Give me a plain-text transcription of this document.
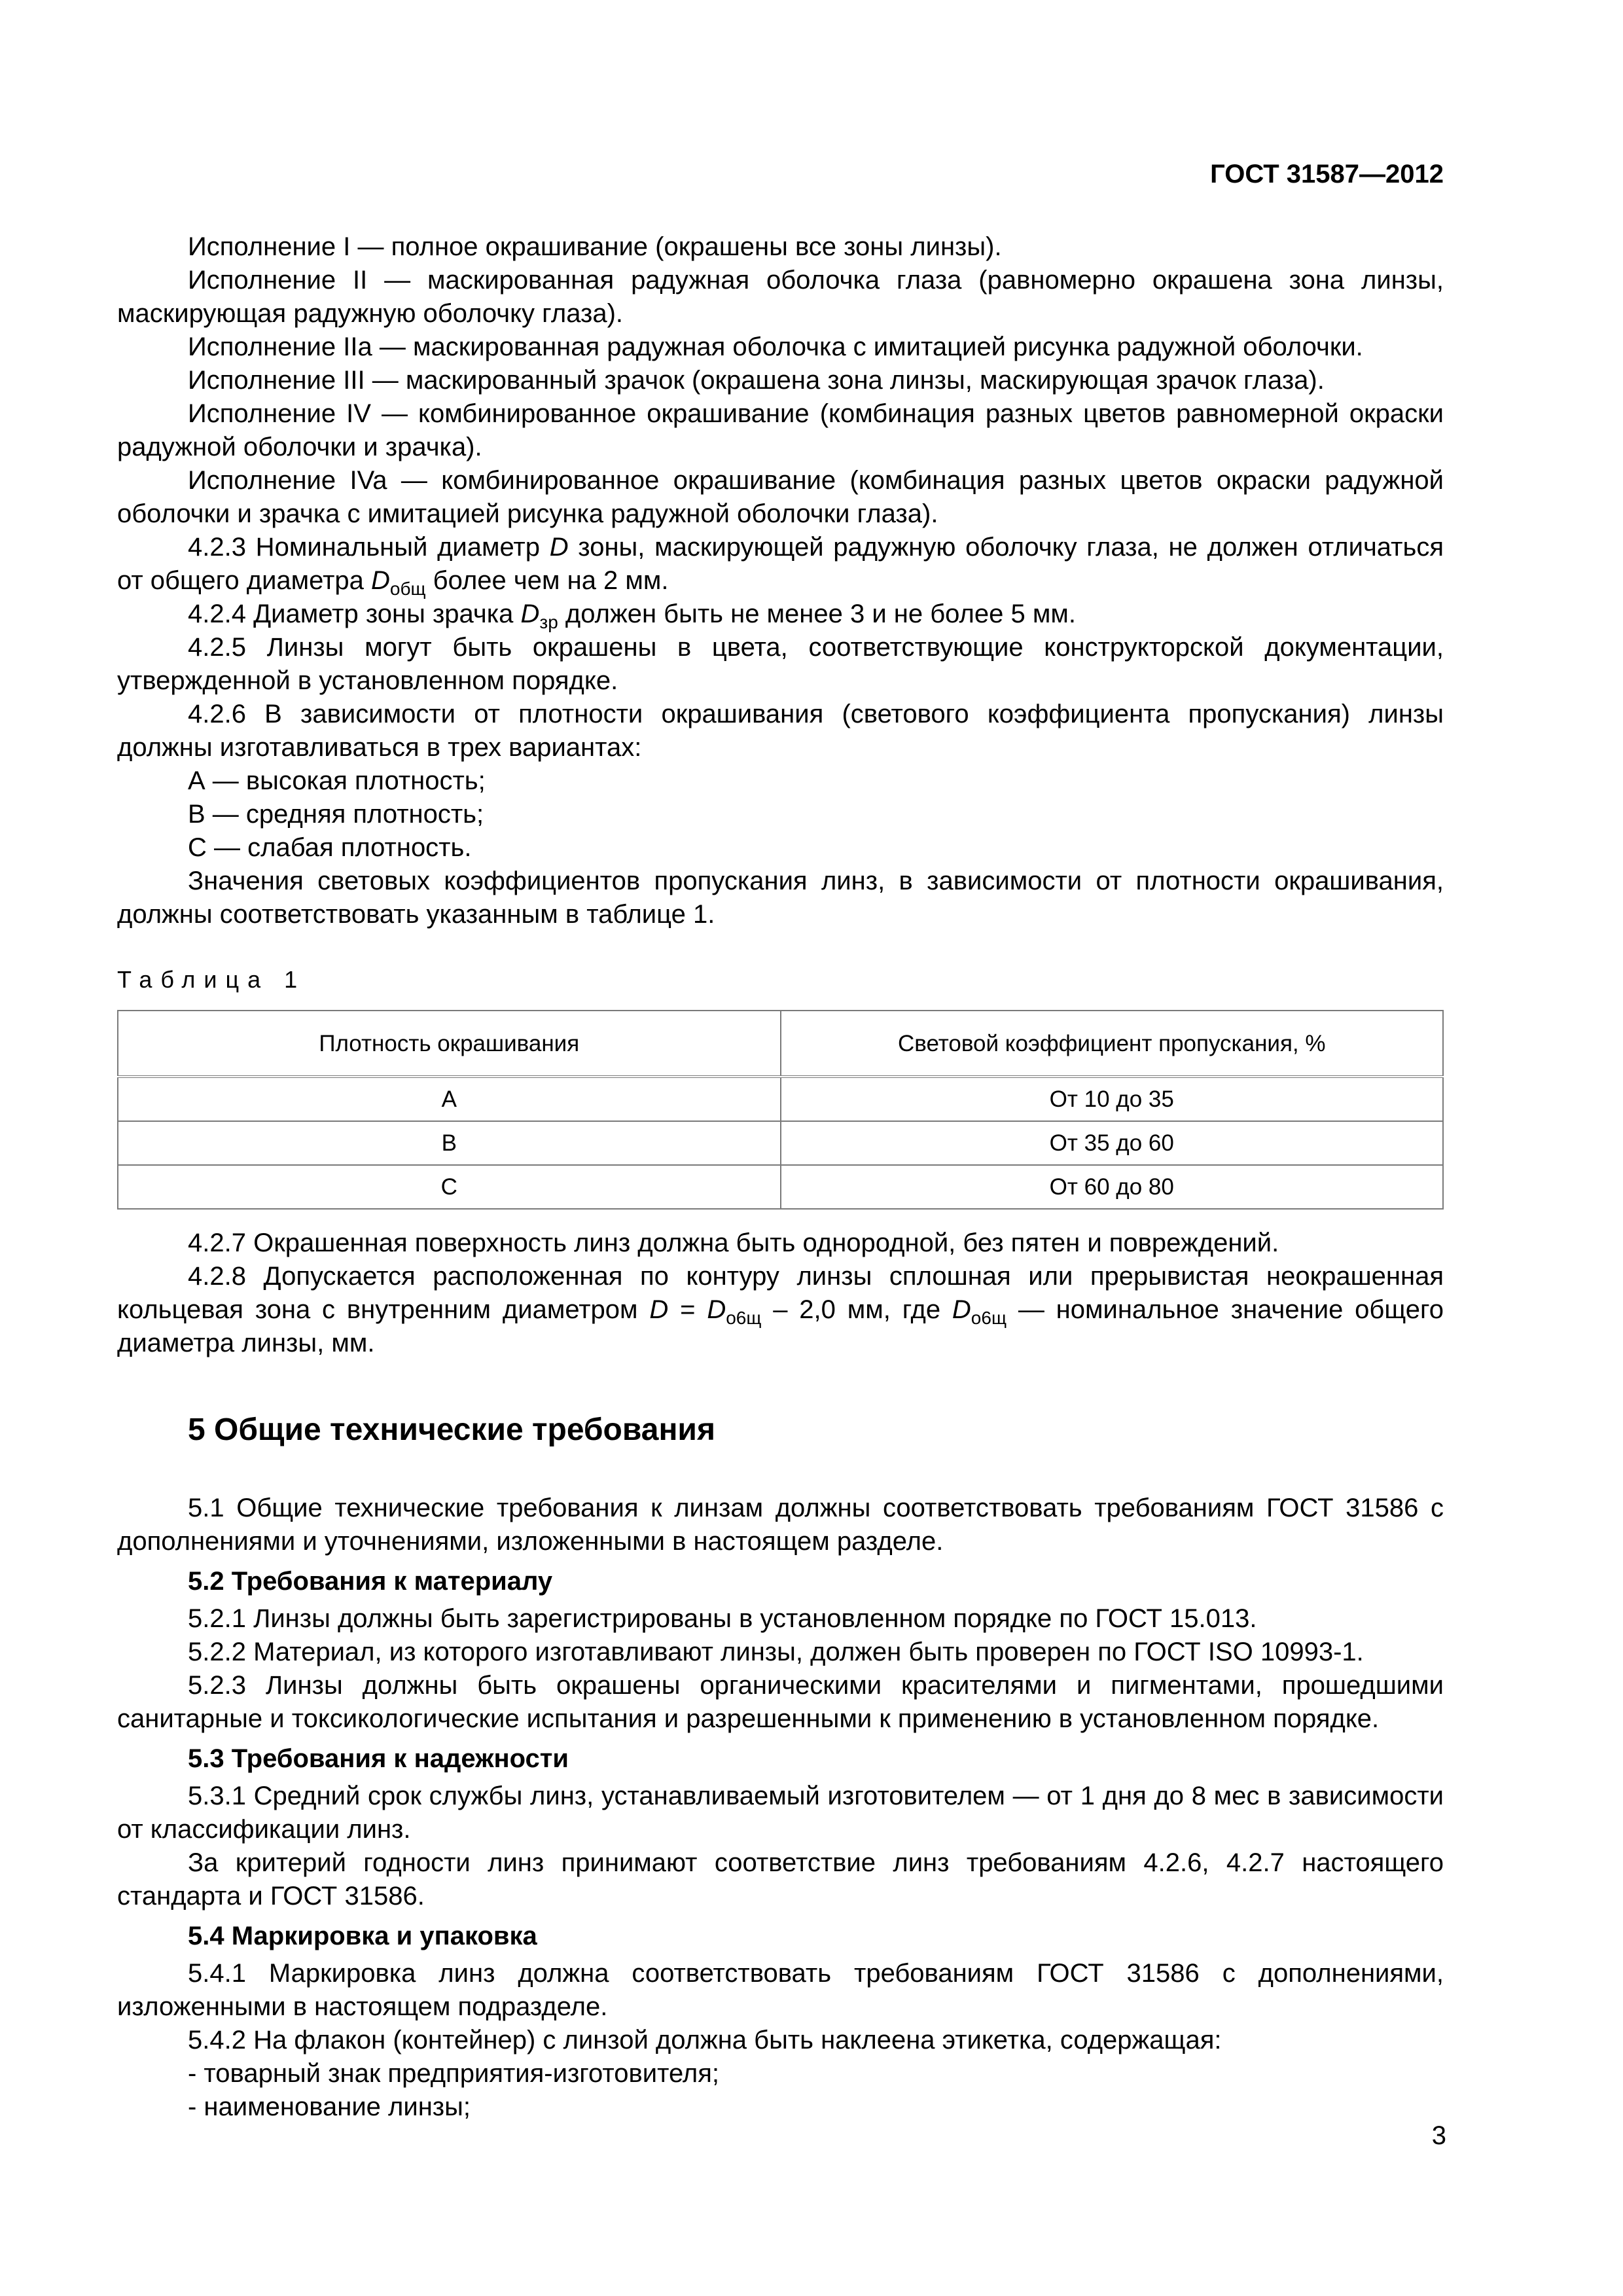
ГОСТ 31587—2012

Исполнение I — полное окрашивание (окрашены все зоны линзы).

Исполнение II — маскированная радужная оболочка глаза (равномерно окрашена зона линзы, маскирующая радужную оболочку глаза).

Исполнение IIa — маскированная радужная оболочка с имитацией рисунка радужной оболочки.

Исполнение III — маскированный зрачок (окрашена зона линзы, маскирующая зрачок глаза).

Исполнение IV — комбинированное окрашивание (комбинация разных цветов равномерной окраски радужной оболочки и зрачка).

Исполнение IVa — комбинированное окрашивание (комбинация разных цветов окраски радужной оболочки и зрачка с имитацией рисунка радужной оболочки глаза).

4.2.3 Номинальный диаметр D зоны, маскирующей радужную оболочку глаза, не должен отличаться от общего диаметра $D_{общ}$ более чем на 2 мм.

4.2.4 Диаметр зоны зрачка $D_{зр}$ должен быть не менее 3 и не более 5 мм.

4.2.5 Линзы могут быть окрашены в цвета, соответствующие конструкторской документации, утвержденной в установленном порядке.

4.2.6 В зависимости от плотности окрашивания (светового коэффициента пропускания) линзы должны изготавливаться в трех вариантах:

А — высокая плотность;

В — средняя плотность;

С — слабая плотность.

Значения световых коэффициентов пропускания линз, в зависимости от плотности окрашивания, должны соответствовать указанным в таблице 1.

Таблица 1
Плотность окрашивания	Световой коэффициент пропускания, %
А	От 10 до 35
В	От 35 до 60
С	От 60 до 80

4.2.7 Окрашенная поверхность линз должна быть однородной, без пятен и повреждений.

4.2.8 Допускается расположенная по контуру линзы сплошная или прерывистая неокрашенная кольцевая зона с внутренним диаметром $D = D_{o6щ} - 2,0$ мм, где $D_{o6щ}$ — номинальное значение общего диаметра линзы, мм.

5 Общие технические требования

5.1 Общие технические требования к линзам должны соответствовать требованиям ГОСТ 31586 с дополнениями и уточнениями, изложенными в настоящем разделе.

5.2 Требования к материалу

5.2.1 Линзы должны быть зарегистрированы в установленном порядке по ГОСТ 15.013.

5.2.2 Материал, из которого изготавливают линзы, должен быть проверен по ГОСТ ISO 10993-1.

5.2.3 Линзы должны быть окрашены органическими красителями и пигментами, прошедшими санитарные и токсикологические испытания и разрешенными к применению в установленном порядке.

5.3 Требования к надежности

5.3.1 Средний срок службы линз, устанавливаемый изготовителем — от 1 дня до 8 мес в зависимости от классификации линз.

За критерий годности линз принимают соответствие линз требованиям 4.2.6, 4.2.7 настоящего стандарта и ГОСТ 31586.

5.4 Маркировка и упаковка

5.4.1 Маркировка линз должна соответствовать требованиям ГОСТ 31586 с дополнениями, изложенными в настоящем подразделе.

5.4.2 На флакон (контейнер) с линзой должна быть наклеена этикетка, содержащая:

- товарный знак предприятия-изготовителя;

- наименование линзы;

3
